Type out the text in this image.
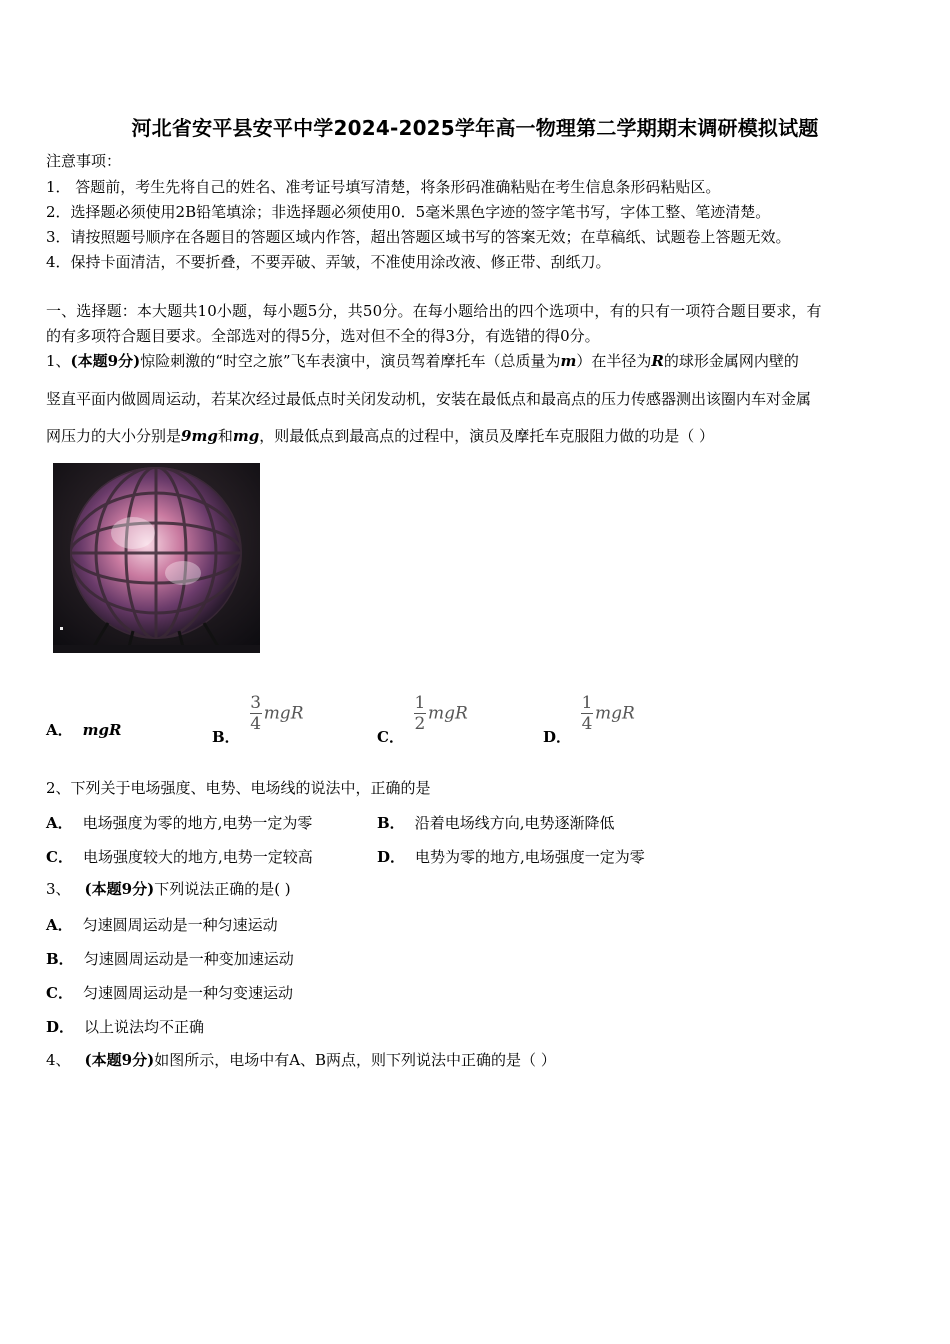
河北省安平县安平中学2024-2025学年高一物理第二学期期末调研模拟试题
注意事项：
1． 答题前，考生先将自己的姓名、准考证号填写清楚，将条形码准确粘贴在考生信息条形码粘贴区。
2．选择题必须使用2B铅笔填涂；非选择题必须使用0．5毫米黑色字迹的签字笔书写，字体工整、笔迹清楚。
3．请按照题号顺序在各题目的答题区域内作答，超出答题区域书写的答案无效；在草稿纸、试题卷上答题无效。
4．保持卡面清洁，不要折叠，不要弄破、弄皱，不准使用涂改液、修正带、刮纸刀。
一、选择题：本大题共10小题，每小题5分，共50分。在每小题给出的四个选项中，有的只有一项符合题目要求，有
的有多项符合题目要求。全部选对的得5分，选对但不全的得3分，有选错的得0分。
1、(本题9分)惊险刺激的“时空之旅”飞车表演中，演员驾着摩托车（总质量为m）在半径为R的球形金属网内壁的
竖直平面内做圆周运动，若某次经过最低点时关闭发动机，安装在最低点和最高点的压力传感器测出该圈内车对金属
网压力的大小分别是9mg和mg，则最低点到最高点的过程中，演员及摩托车克服阻力做的功是（ ）
A． mgR	B．
$\frac{3}{4}$ mgR
C．
$\frac{1}{2}$ mgR
D．
$\frac{1}{4}$ mgR
2、下列关于电场强度、电势、电场线的说法中，正确的是
A． 电场强度为零的地方,电势一定为零	B． 沿着电场线方向,电势逐渐降低
C． 电场强度较大的地方,电势一定较高	D． 电势为零的地方,电场强度一定为零
3、 (本题9分)下列说法正确的是( )
A． 匀速圆周运动是一种匀速运动
B． 匀速圆周运动是一种变加速运动
C． 匀速圆周运动是一种匀变速运动
D． 以上说法均不正确
4、 (本题9分)如图所示，电场中有A、B两点，则下列说法中正确的是（ ）
